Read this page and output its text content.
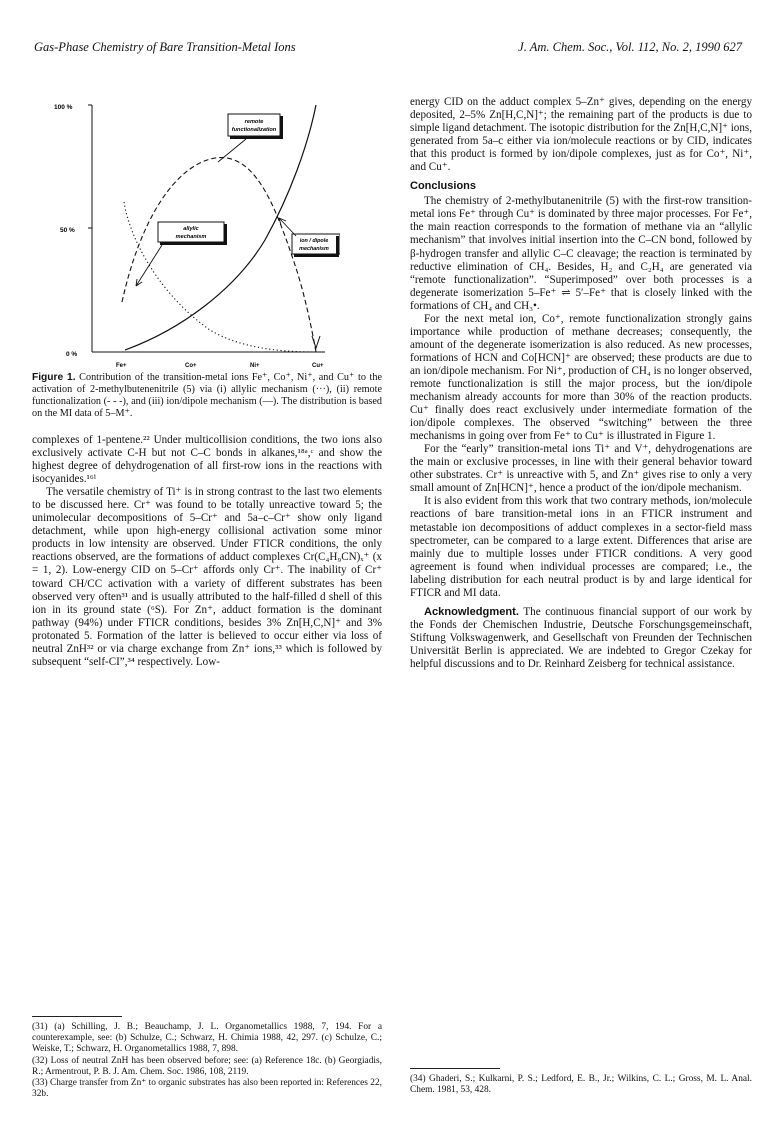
Gas-Phase Chemistry of Bare Transition-Metal Ions	J. Am. Chem. Soc., Vol. 112, No. 2, 1990 627
100 %
50 %
0 %
Fe+	Co+	Ni+	Cu+
remote
functionalization
allylic
mechanism
ion / dipole
mechanism
Figure 1. Contribution of the transition-metal ions Fe⁺, Co⁺, Ni⁺, and Cu⁺ to the activation of 2-methylbutenenitrile (5) via (i) allylic mechanism (···), (ii) remote functionalization (- - -), and (iii) ion/dipole mechanism (—). The distribution is based on the MI data of 5–M⁺.

complexes of 1-pentene.²² Under multicollision conditions, the two ions also exclusively activate C-H but not C–C bonds in alkanes,¹⁸ᵃ,ᶜ and show the highest degree of dehydrogenation of all first-row ions in the reactions with isocyanides.¹⁶ⁱ

The versatile chemistry of Ti⁺ is in strong contrast to the last two elements to be discussed here. Cr⁺ was found to be totally unreactive toward 5; the unimolecular decompositions of 5–Cr⁺ and 5a–c–Cr⁺ show only ligand detachment, while upon high-energy collisional activation some minor products in low intensity are observed. Under FTICR conditions, the only reactions observed, are the formations of adduct complexes Cr(C₄H₉CN)ₓ⁺ (x = 1, 2). Low-energy CID on 5–Cr⁺ affords only Cr⁺. The inability of Cr⁺ toward CH/CC activation with a variety of different substrates has been observed very often³¹ and is usually attributed to the half-filled d shell of this ion in its ground state (⁶S). For Zn⁺, adduct formation is the dominant pathway (94%) under FTICR conditions, besides 3% Zn[H,C,N]⁺ and 3% protonated 5. Formation of the latter is believed to occur either via loss of neutral ZnH³² or via charge exchange from Zn⁺ ions,³³ which is followed by subsequent “self-CI”,³⁴ respectively. Low-

(31) (a) Schilling, J. B.; Beauchamp, J. L. Organometallics 1988, 7, 194. For a counterexample, see: (b) Schulze, C.; Schwarz, H. Chimia 1988, 42, 297. (c) Schulze, C.; Weiske, T.; Schwarz, H. Organometallics 1988, 7, 898.

(32) Loss of neutral ZnH has been observed before; see: (a) Reference 18c. (b) Georgiadis, R.; Armentrout, P. B. J. Am. Chem. Soc. 1986, 108, 2119.

(33) Charge transfer from Zn⁺ to organic substrates has also been reported in: References 22, 32b.

energy CID on the adduct complex 5–Zn⁺ gives, depending on the energy deposited, 2–5% Zn[H,C,N]⁺; the remaining part of the products is due to simple ligand detachment. The isotopic distribution for the Zn[H,C,N]⁺ ions, generated from 5a–c either via ion/molecule reactions or by CID, indicates that this product is formed by ion/dipole complexes, just as for Co⁺, Ni⁺, and Cu⁺.

Conclusions

The chemistry of 2-methylbutanenitrile (5) with the first-row transition-metal ions Fe⁺ through Cu⁺ is dominated by three major processes. For Fe⁺, the main reaction corresponds to the formation of methane via an “allylic mechanism” that involves initial insertion into the C–CN bond, followed by β-hydrogen transfer and allylic C–C cleavage; the reaction is terminated by reductive elimination of CH₄. Besides, H₂ and C₂H₄ are generated via “remote functionalization”. “Superimposed” over both processes is a degenerate isomerization 5–Fe⁺ ⇌ 5′–Fe⁺ that is closely linked with the formations of CH₄ and CH₃•.

For the next metal ion, Co⁺, remote functionalization strongly gains importance while production of methane decreases; consequently, the amount of the degenerate isomerization is also reduced. As new processes, formations of HCN and Co[HCN]⁺ are observed; these products are due to an ion/dipole mechanism. For Ni⁺, production of CH₄ is no longer observed, remote functionalization is still the major process, but the ion/dipole mechanism already accounts for more than 30% of the reaction products. Cu⁺ finally does react exclusively under intermediate formation of the ion/dipole complexes. The observed “switching” between the three mechanisms in going over from Fe⁺ to Cu⁺ is illustrated in Figure 1.

For the “early” transition-metal ions Ti⁺ and V⁺, dehydrogenations are the main or exclusive processes, in line with their general behavior toward other substrates. Cr⁺ is unreactive with 5, and Zn⁺ gives rise to only a very small amount of Zn[HCN]⁺, hence a product of the ion/dipole mechanism.

It is also evident from this work that two contrary methods, ion/molecule reactions of bare transition-metal ions in an FTICR instrument and metastable ion decompositions of adduct complexes in a sector-field mass spectrometer, can be compared to a large extent. Differences that arise are mainly due to multiple losses under FTICR conditions. A very good agreement is found when individual processes are compared; i.e., the labeling distribution for each neutral product is by and large identical for FTICR and MI data.

Acknowledgment. The continuous financial support of our work by the Fonds der Chemischen Industrie, Deutsche Forschungsgemeinschaft, Stiftung Volkswagenwerk, and Gesellschaft von Freunden der Technischen Universität Berlin is appreciated. We are indebted to Gregor Czekay for helpful discussions and to Dr. Reinhard Zeisberg for technical assistance.

(34) Ghaderi, S.; Kulkarni, P. S.; Ledford, E. B., Jr.; Wilkins, C. L.; Gross, M. L. Anal. Chem. 1981, 53, 428.
